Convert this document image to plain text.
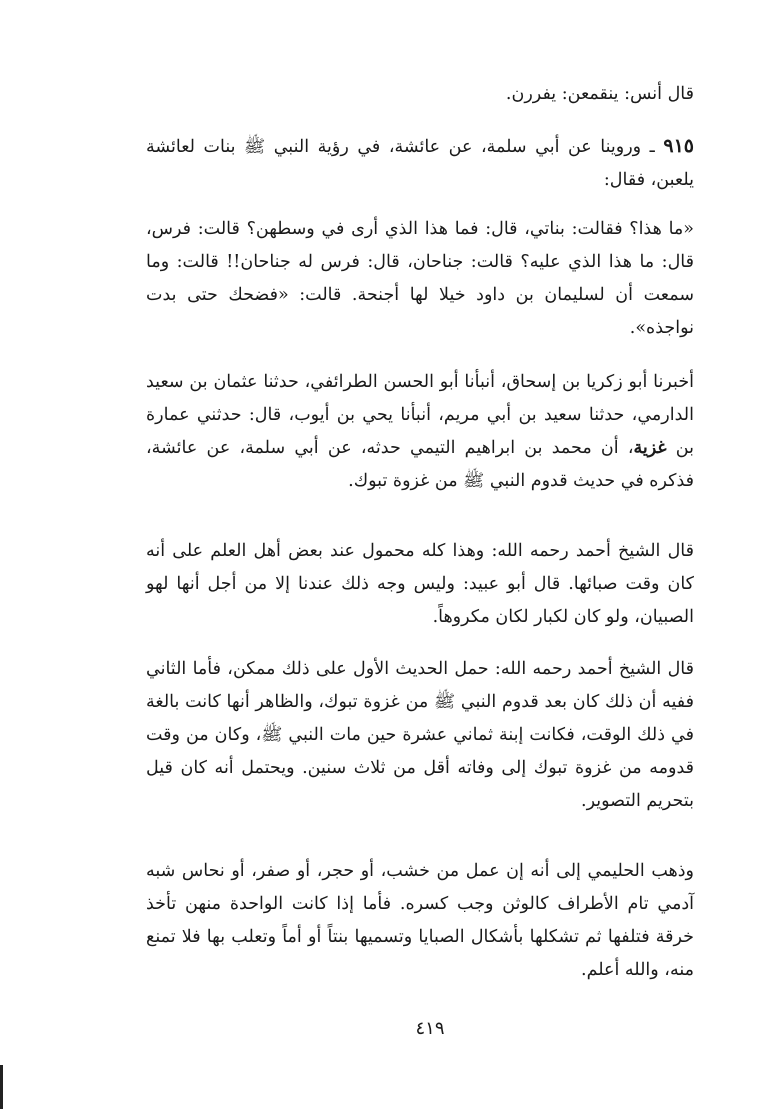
قال أنس: ينقمعن: يفررن.

٩١٥ ـ وروينا عن أبي سلمة، عن عائشة، في رؤية النبي ﷺ بنات لعائشة يلعبن، فقال:

«ما هذا؟ فقالت: بناتي، قال: فما هذا الذي أرى في وسطهن؟ قالت: فرس، قال: ما هذا الذي عليه؟ قالت: جناحان، قال: فرس له جناحان!! قالت: وما سمعت أن لسليمان بن داود خيلا لها أجنحة. قالت: «فضحك حتى بدت نواجذه».

أخبرنا أبو زكريا بن إسحاق، أنبأنا أبو الحسن الطرائفي، حدثنا عثمان بن سعيد الدارمي، حدثنا سعيد بن أبي مريم، أنبأنا يحي بن أيوب، قال: حدثني عمارة بن غزية، أن محمد بن ابراهيم التيمي حدثه، عن أبي سلمة، عن عائشة، فذكره في حديث قدوم النبي ﷺ من غزوة تبوك.

قال الشيخ أحمد رحمه الله: وهذا كله محمول عند بعض أهل العلم على أنه كان وقت صبائها. قال أبو عبيد: وليس وجه ذلك عندنا إلا من أجل أنها لهو الصبيان، ولو كان لكبار لكان مكروهاً.

قال الشيخ أحمد رحمه الله: حمل الحديث الأول على ذلك ممكن، فأما الثاني ففيه أن ذلك كان بعد قدوم النبي ﷺ من غزوة تبوك، والظاهر أنها كانت بالغة في ذلك الوقت، فكانت إبنة ثماني عشرة حين مات النبي ﷺ، وكان من وقت قدومه من غزوة تبوك إلى وفاته أقل من ثلاث سنين. ويحتمل أنه كان قيل بتحريم التصوير.

وذهب الحليمي إلى أنه إن عمل من خشب، أو حجر، أو صفر، أو نحاس شبه آدمي تام الأطراف كالوثن وجب كسره. فأما إذا كانت الواحدة منهن تأخذ خرقة فتلفها ثم تشكلها بأشكال الصبايا وتسميها بنتاً أو أماً وتعلب بها فلا تمنع منه، والله أعلم.

٤١٩
